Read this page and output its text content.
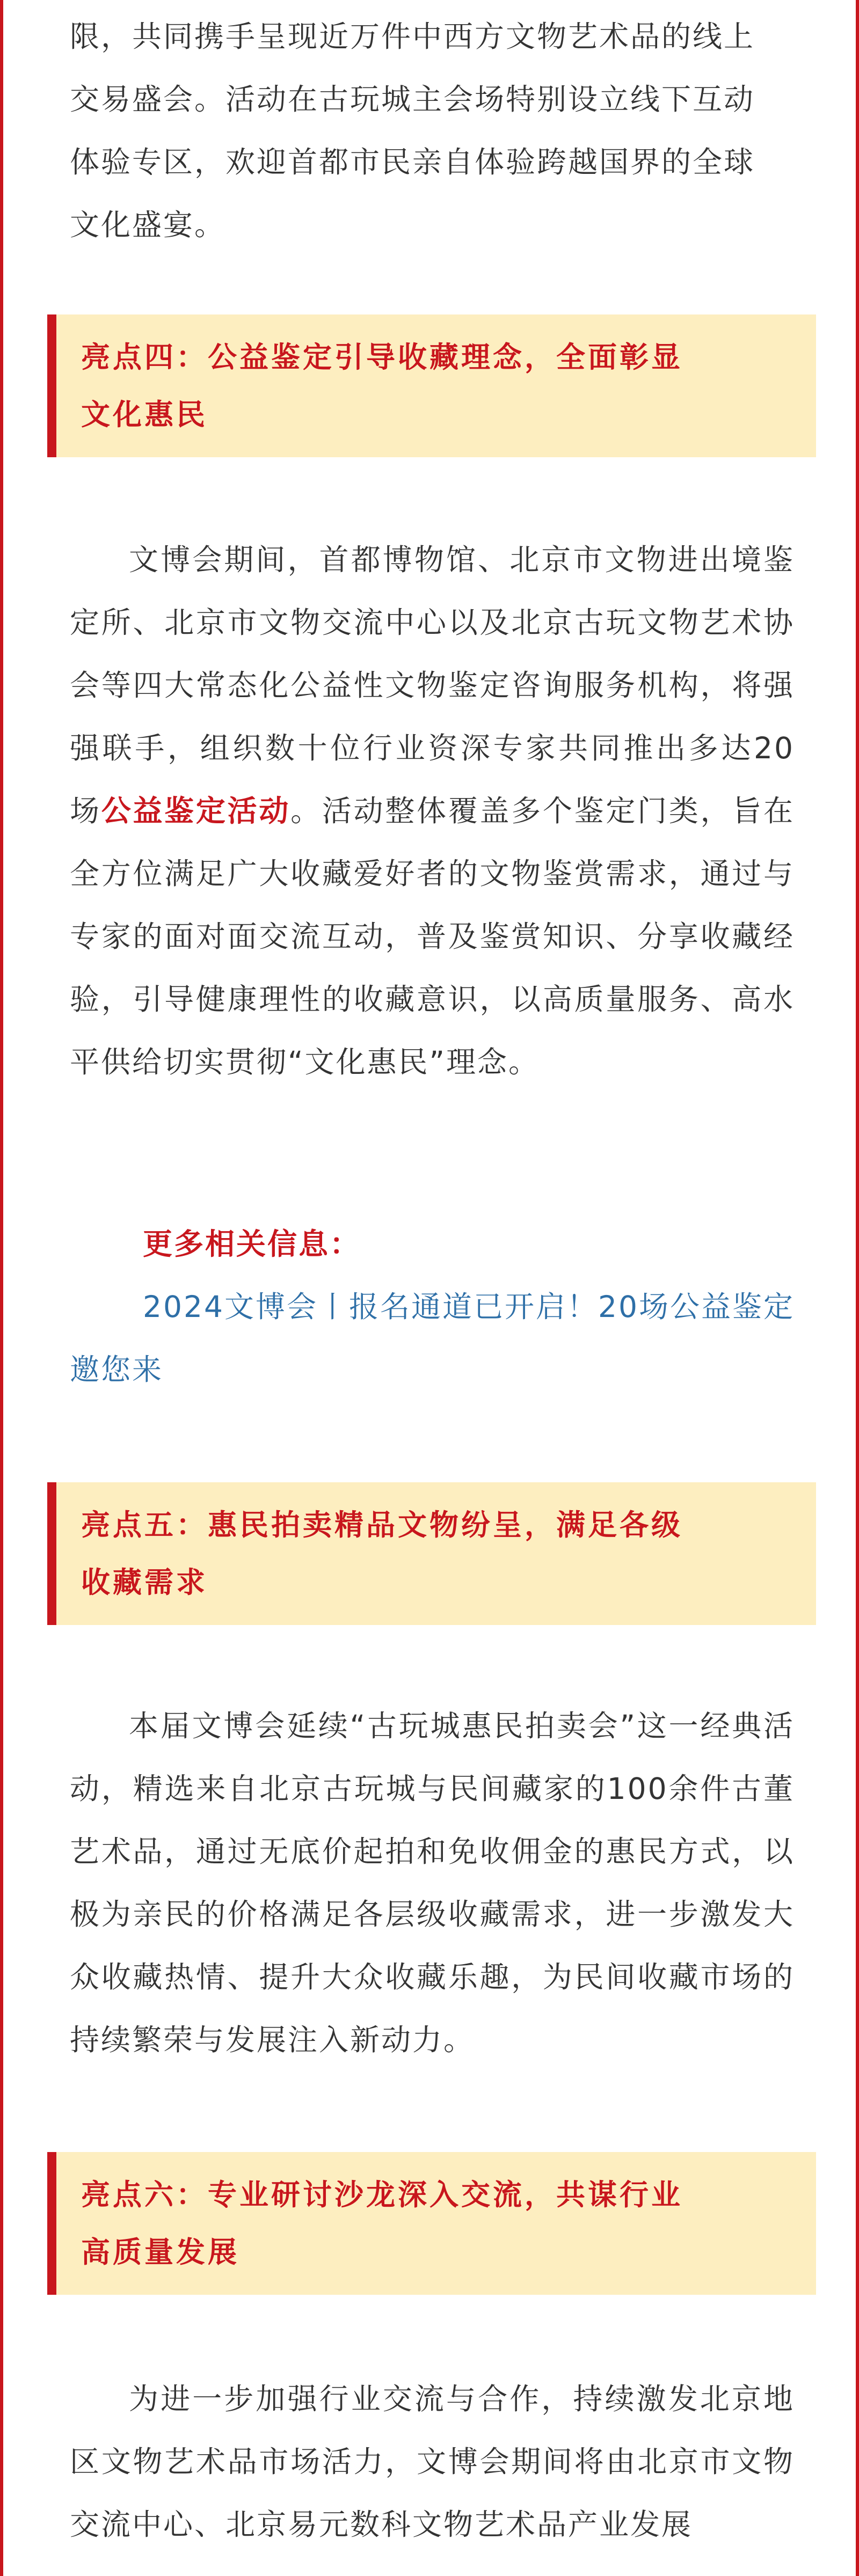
限，共同携手呈现近万件中西方文物艺术品的线上

交易盛会。活动在古玩城主会场特别设立线下互动

体验专区，欢迎首都市民亲自体验跨越国界的全球

文化盛宴。

亮点四：公益鉴定引导收藏理念，全面彰显

文化惠民

文博会期间，首都博物馆、北京市文物进出境鉴定所、北京市文物交流中心以及北京古玩文物艺术协会等四大常态化公益性文物鉴定咨询服务机构，将强强联手，组织数十位行业资深专家共同推出多达20场公益鉴定活动。活动整体覆盖多个鉴定门类，旨在全方位满足广大收藏爱好者的文物鉴赏需求，通过与专家的面对面交流互动，普及鉴赏知识、分享收藏经验，引导健康理性的收藏意识，以高质量服务、高水平供给切实贯彻“文化惠民”理念。

更多相关信息：

2024文博会丨报名通道已开启！20场公益鉴定邀您来

亮点五：惠民拍卖精品文物纷呈，满足各级

收藏需求

本届文博会延续“古玩城惠民拍卖会”这一经典活动，精选来自北京古玩城与民间藏家的100余件古董艺术品，通过无底价起拍和免收佣金的惠民方式，以极为亲民的价格满足各层级收藏需求，进一步激发大众收藏热情、提升大众收藏乐趣，为民间收藏市场的持续繁荣与发展注入新动力。

亮点六：专业研讨沙龙深入交流，共谋行业

高质量发展

为进一步加强行业交流与合作，持续激发北京地区文物艺术品市场活力，文博会期间将由北京市文物交流中心、北京易元数科文物艺术品产业发展
